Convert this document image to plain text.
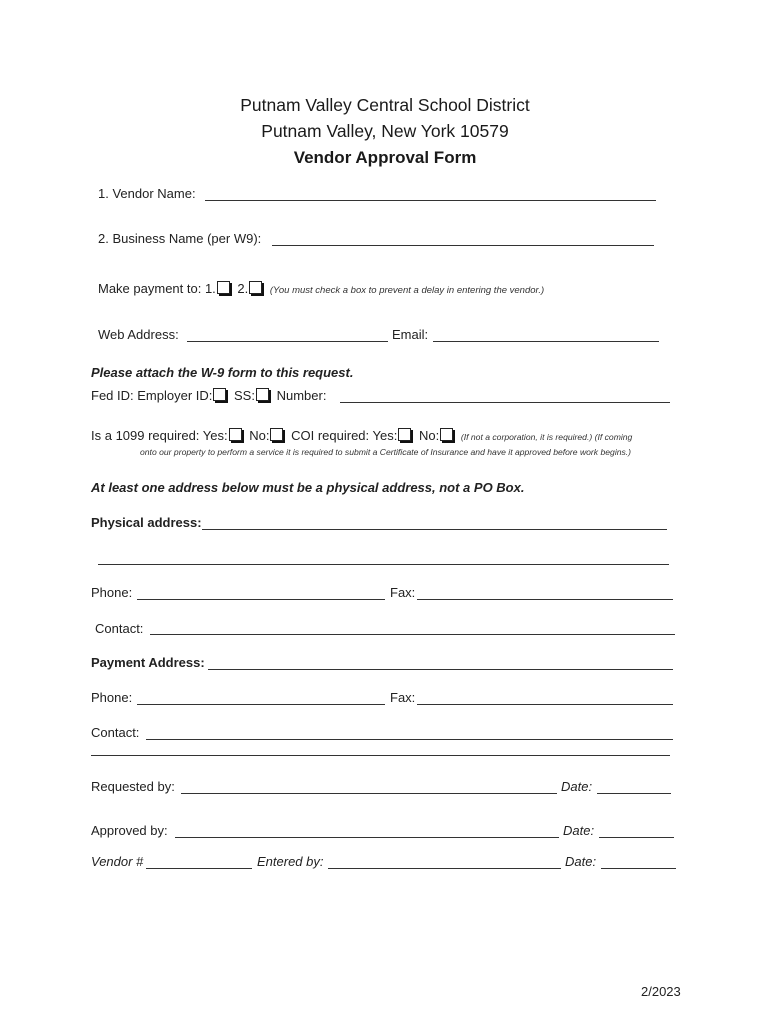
Putnam Valley Central School District
Putnam Valley, New York 10579
Vendor Approval Form
1. Vendor Name:
2. Business Name (per W9):
Make payment to: 1. 2. (You must check a box to prevent a delay in entering the vendor.)
Web Address:	Email:
Please attach the W-9 form to this request.
Fed ID: Employer ID: SS: Number:
Is a 1099 required: Yes: No: COI required: Yes: No:	(If not a corporation, it is required.) (If coming
onto our property to perform a service it is required to submit a Certificate of Insurance and have it approved before work begins.)
At least one address below must be a physical address, not a PO Box.
Physical address:
Phone:	Fax:
Contact:
Payment Address:
Phone:	Fax:
Contact:
Requested by:	Date:
Approved by:	Date:
Vendor #	Entered by:	Date:
2/2023
